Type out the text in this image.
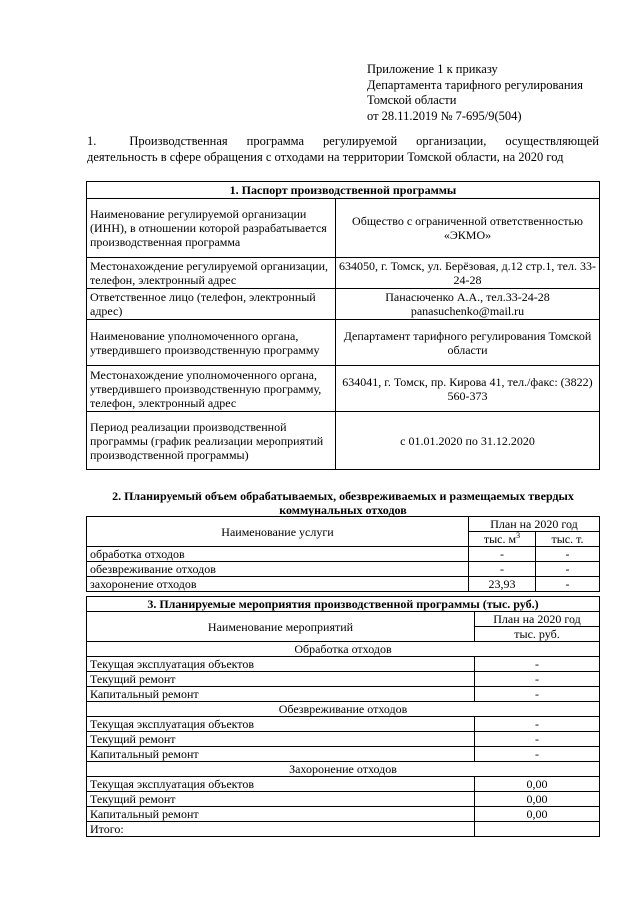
Приложение 1 к приказу
Департамента тарифного регулирования
Томской области
от 28.11.2019 № 7-695/9(504)
1.	Производственная программа регулируемой организации, осуществляющей
деятельность в сфере обращения с отходами на территории Томской области, на 2020 год
1. Паспорт производственной программы	
Наименование регулируемой организации (ИНН), в отношении которой разрабатывается производственная программа	Общество с ограниченной ответственностью «ЭКМО»
Местонахождение регулируемой организации, телефон, электронный адрес	634050, г. Томск, ул. Берёзовая, д.12 стр.1, тел. 33-24-28
Ответственное лицо (телефон, электронный адрес)	Панасюченко А.А., тел.33-24-28 panasuchenko@mail.ru
Наименование уполномоченного органа, утвердившего производственную программу	Департамент тарифного регулирования Томской области
Местонахождение уполномоченного органа, утвердившего производственную программу, телефон, электронный адрес	634041, г. Томск, пр. Кирова 41, тел./факс: (3822) 560-373
Период реализации производственной программы (график реализации мероприятий производственной программы)	с 01.01.2020 по 31.12.2020
2. Планируемый объем обрабатываемых, обезвреживаемых и размещаемых твердых коммунальных отходов
Наименование услуги	План на 2020 год	
	тыс. $м^3$	тыс. т.
обработка отходов	-	-
обезвреживание отходов	-	-
захоронение отходов	23,93	-
3. Планируемые мероприятия производственной программы (тыс. руб.)	
Наименование мероприятий	План на 2020 год
	тыс. руб.
Обработка отходов	
Текущая эксплуатация объектов	-
Текущий ремонт	-
Капитальный ремонт	-
Обезвреживание отходов	
Текущая эксплуатация объектов	-
Текущий ремонт	-
Капитальный ремонт	-
Захоронение отходов	
Текущая эксплуатация объектов	0,00
Текущий ремонт	0,00
Капитальный ремонт	0,00
Итого:	
